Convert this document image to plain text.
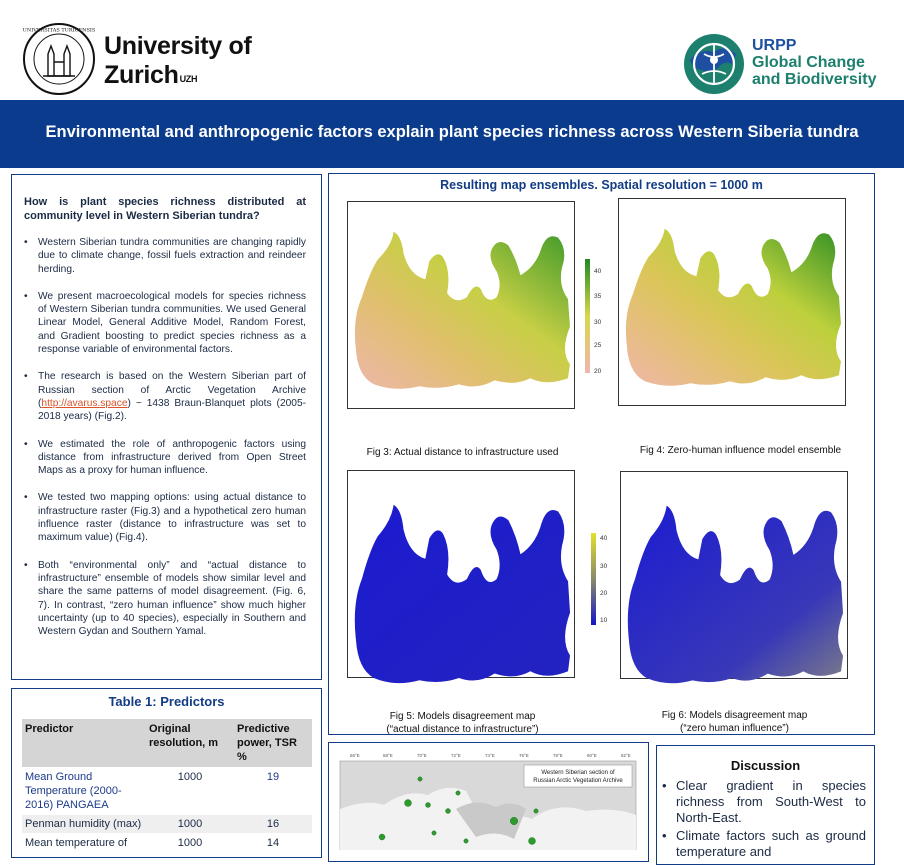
UNIVERSITAS TURICENSIS
University of
Zurich$^{UZH}$
URPP
Global Change
and Biodiversity
Environmental and anthropogenic factors explain plant species richness across Western Siberia tundra
How is plant species richness distributed at community level in Western Siberian tundra?
• Western Siberian tundra communities are changing rapidly due to climate change, fossil fuels extraction and reindeer herding.
• We present macroecological models for species richness of Western Siberian tundra communities. We used General Linear Model, General Additive Model, Random Forest, and Gradient boosting to predict species richness as a response variable of environmental factors.
• The research is based on the Western Siberian part of Russian section of Arctic Vegetation Archive (http://avarus.space) ~ 1438 Braun-Blanquet plots (2005-2018 years) (Fig.2).
• We estimated the role of anthropogenic factors using distance from infrastructure derived from Open Street Maps as a proxy for human influence.
• We tested two mapping options: using actual distance to infrastructure raster (Fig.3) and a hypothetical zero human influence raster (distance to infrastructure was set to maximum value) (Fig.4).
• Both “environmental only” and “actual distance to infrastructure” ensemble of models show similar level and share the same patterns of model disagreement. (Fig. 6, 7). In contrast, “zero human influence” show much higher uncertainty (up to 40 species), especially in Southern and Western Gydan and Southern Yamal.
Table 1: Predictors
Predictor	Original resolution, m	Predictive power, TSR %
Mean Ground Temperature (2000-2016) PANGAEA	1000	19
Penman humidity (max)	1000	16
Mean temperature of	1000	14
Resulting map ensembles. Spatial resolution = 1000 m
40
35
30
25
20
Fig 3: Actual distance to infrastructure used	Fig 4: Zero-human influence model ensemble
40
30
20
10
Fig 5: Models disagreement map
(“actual distance to infrastructure”)
Fig 6: Models disagreement map
(“zero human influence”)
66°E	68°E	70°E	72°E	74°E	76°E	78°E	80°E	82°E
Western Siberian section of
Russian Arctic Vegetation Archive
Discussion
• Clear gradient in species richness from South-West to North-East.
• Climate factors such as ground temperature and
